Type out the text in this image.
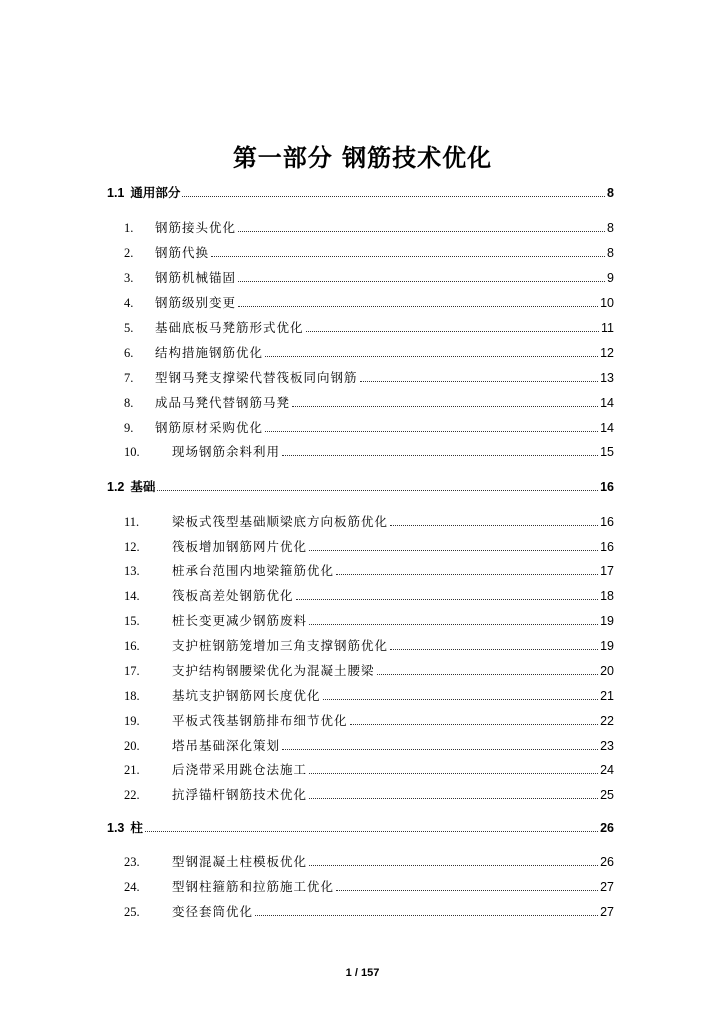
第一部分 钢筋技术优化
1.1 通用部分	8
1.	钢筋接头优化	8
2.	钢筋代换	8
3.	钢筋机械锚固	9
4.	钢筋级别变更	10
5.	基础底板马凳筋形式优化	11
6.	结构措施钢筋优化	12
7.	型钢马凳支撑梁代替筏板同向钢筋	13
8.	成品马凳代替钢筋马凳	14
9.	钢筋原材采购优化	14
10.	现场钢筋余料利用	15
1.2 基础	16
11.	梁板式筏型基础顺梁底方向板筋优化	16
12.	筏板增加钢筋网片优化	16
13.	桩承台范围内地梁箍筋优化	17
14.	筏板高差处钢筋优化	18
15.	桩长变更减少钢筋废料	19
16.	支护桩钢筋笼增加三角支撑钢筋优化	19
17.	支护结构钢腰梁优化为混凝土腰梁	20
18.	基坑支护钢筋网长度优化	21
19.	平板式筏基钢筋排布细节优化	22
20.	塔吊基础深化策划	23
21.	后浇带采用跳仓法施工	24
22.	抗浮锚杆钢筋技术优化	25
1.3 柱	26
23.	型钢混凝土柱模板优化	26
24.	型钢柱箍筋和拉筋施工优化	27
25.	变径套筒优化	27
1 / 157
